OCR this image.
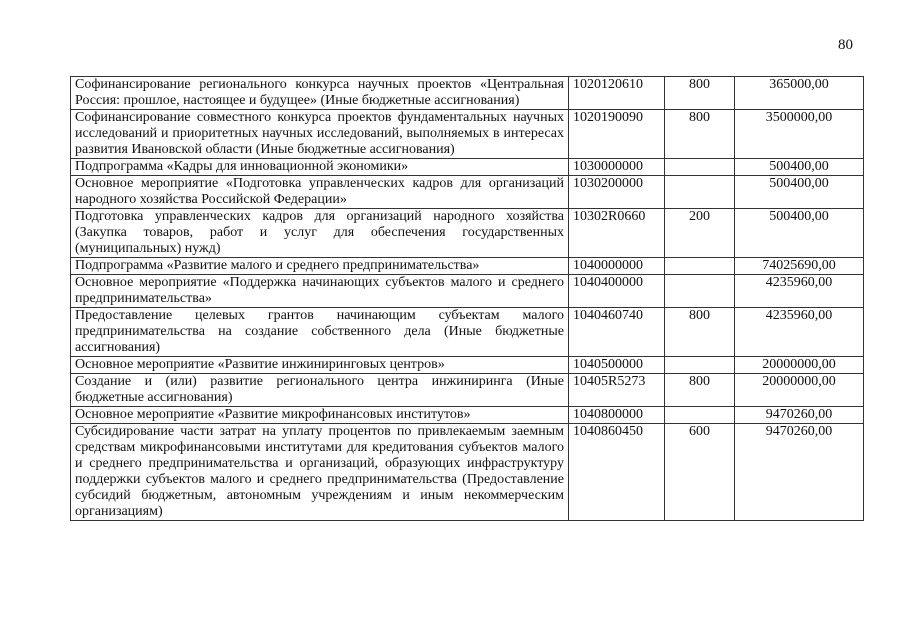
80
Софинансирование регионального конкурса научных проектов «Центральная Россия: прошлое, настоящее и будущее» (Иные бюджетные ассигнования)	1020120610	800	365000,00
Софинансирование совместного конкурса проектов фундаментальных научных исследований и приоритетных научных исследований, выполняемых в интересах развития Ивановской области (Иные бюджетные ассигнования)	1020190090	800	3500000,00
Подпрограмма «Кадры для инновационной экономики»	1030000000		500400,00
Основное мероприятие «Подготовка управленческих кадров для организаций народного хозяйства Российской Федерации»	1030200000		500400,00
Подготовка управленческих кадров для организаций народного хозяйства (Закупка товаров, работ и услуг для обеспечения государственных (муниципальных) нужд)	10302R0660	200	500400,00
Подпрограмма «Развитие малого и среднего предпринимательства»	1040000000		74025690,00
Основное мероприятие «Поддержка начинающих субъектов малого и среднего предпринимательства»	1040400000		4235960,00
Предоставление целевых грантов начинающим субъектам малого предпринимательства на создание собственного дела (Иные бюджетные ассигнования)	1040460740	800	4235960,00
Основное мероприятие «Развитие инжиниринговых центров»	1040500000		20000000,00
Создание и (или) развитие регионального центра инжиниринга (Иные бюджетные ассигнования)	10405R5273	800	20000000,00
Основное мероприятие «Развитие микрофинансовых институтов»	1040800000		9470260,00
Субсидирование части затрат на уплату процентов по привлекаемым заемным средствам микрофинансовыми институтами для кредитования субъектов малого и среднего предпринимательства и организаций, образующих инфраструктуру поддержки субъектов малого и среднего предпринимательства (Предоставление субсидий бюджетным, автономным учреждениям и иным некоммерческим организациям)	1040860450	600	9470260,00
